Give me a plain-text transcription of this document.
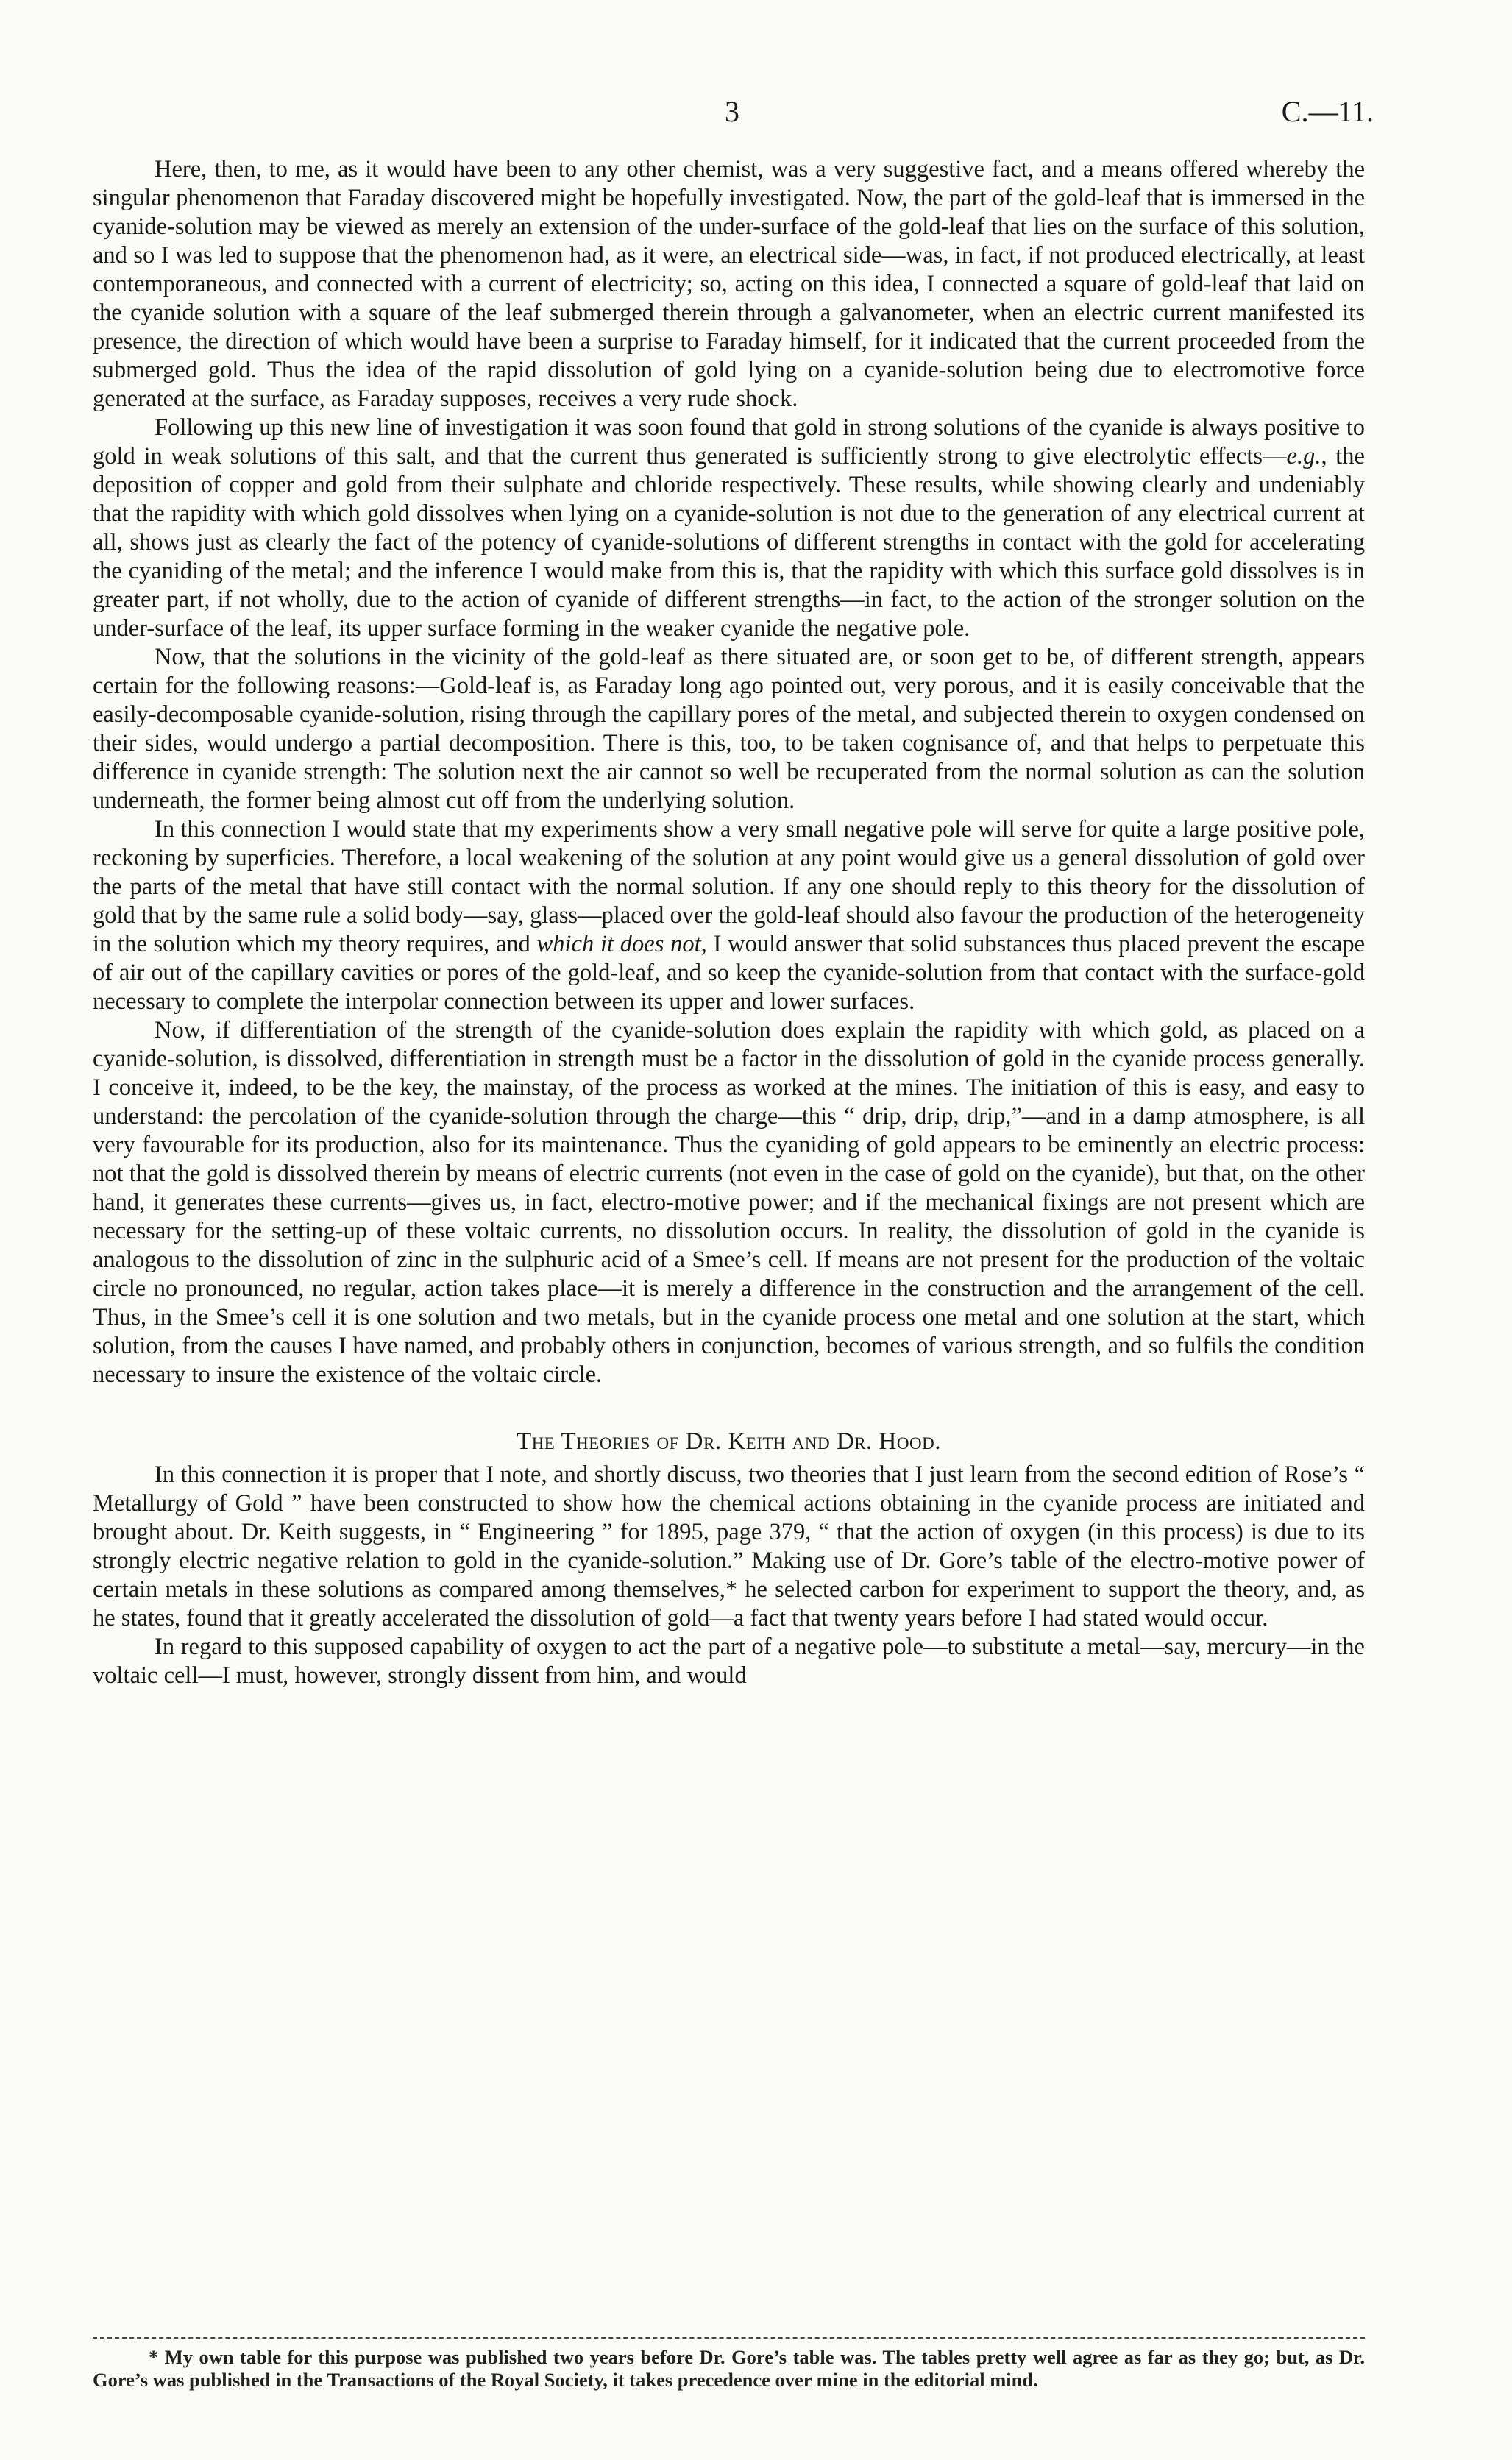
3	C.—11.

Here, then, to me, as it would have been to any other chemist, was a very suggestive fact, and a means offered whereby the singular phenomenon that Faraday discovered might be hopefully investigated. Now, the part of the gold-leaf that is immersed in the cyanide-solution may be viewed as merely an extension of the under-surface of the gold-leaf that lies on the surface of this solution, and so I was led to suppose that the phenomenon had, as it were, an electrical side—was, in fact, if not produced electrically, at least contemporaneous, and connected with a current of electricity; so, acting on this idea, I connected a square of gold-leaf that laid on the cyanide solution with a square of the leaf submerged therein through a galvanometer, when an electric current manifested its presence, the direction of which would have been a surprise to Faraday himself, for it indicated that the current proceeded from the submerged gold. Thus the idea of the rapid dissolution of gold lying on a cyanide-solution being due to electromotive force generated at the surface, as Faraday supposes, receives a very rude shock.

Following up this new line of investigation it was soon found that gold in strong solutions of the cyanide is always positive to gold in weak solutions of this salt, and that the current thus generated is sufficiently strong to give electrolytic effects—e.g., the deposition of copper and gold from their sulphate and chloride respectively. These results, while showing clearly and undeniably that the rapidity with which gold dissolves when lying on a cyanide-solution is not due to the generation of any electrical current at all, shows just as clearly the fact of the potency of cyanide-solutions of different strengths in contact with the gold for accelerating the cyaniding of the metal; and the inference I would make from this is, that the rapidity with which this surface gold dissolves is in greater part, if not wholly, due to the action of cyanide of different strengths—in fact, to the action of the stronger solution on the under-surface of the leaf, its upper surface forming in the weaker cyanide the negative pole.

Now, that the solutions in the vicinity of the gold-leaf as there situated are, or soon get to be, of different strength, appears certain for the following reasons:—Gold-leaf is, as Faraday long ago pointed out, very porous, and it is easily conceivable that the easily-decomposable cyanide-solution, rising through the capillary pores of the metal, and subjected therein to oxygen condensed on their sides, would undergo a partial decomposition. There is this, too, to be taken cognisance of, and that helps to perpetuate this difference in cyanide strength: The solution next the air cannot so well be recuperated from the normal solution as can the solution underneath, the former being almost cut off from the underlying solution.

In this connection I would state that my experiments show a very small negative pole will serve for quite a large positive pole, reckoning by superficies. Therefore, a local weakening of the solution at any point would give us a general dissolution of gold over the parts of the metal that have still contact with the normal solution. If any one should reply to this theory for the dissolution of gold that by the same rule a solid body—say, glass—placed over the gold-leaf should also favour the production of the heterogeneity in the solution which my theory requires, and which it does not, I would answer that solid substances thus placed prevent the escape of air out of the capillary cavities or pores of the gold-leaf, and so keep the cyanide-solution from that contact with the surface-gold necessary to complete the interpolar connection between its upper and lower surfaces.

Now, if differentiation of the strength of the cyanide-solution does explain the rapidity with which gold, as placed on a cyanide-solution, is dissolved, differentiation in strength must be a factor in the dissolution of gold in the cyanide process generally. I conceive it, indeed, to be the key, the mainstay, of the process as worked at the mines. The initiation of this is easy, and easy to understand: the percolation of the cyanide-solution through the charge—this “ drip, drip, drip,”—and in a damp atmosphere, is all very favourable for its production, also for its maintenance. Thus the cyaniding of gold appears to be eminently an electric process: not that the gold is dissolved therein by means of electric currents (not even in the case of gold on the cyanide), but that, on the other hand, it generates these currents—gives us, in fact, electro-motive power; and if the mechanical fixings are not present which are necessary for the setting-up of these voltaic currents, no dissolution occurs. In reality, the dissolution of gold in the cyanide is analogous to the dissolution of zinc in the sulphuric acid of a Smee’s cell. If means are not present for the production of the voltaic circle no pronounced, no regular, action takes place—it is merely a difference in the construction and the arrangement of the cell. Thus, in the Smee’s cell it is one solution and two metals, but in the cyanide process one metal and one solution at the start, which solution, from the causes I have named, and probably others in conjunction, becomes of various strength, and so fulfils the condition necessary to insure the existence of the voltaic circle.

The Theories of Dr. Keith and Dr. Hood.

In this connection it is proper that I note, and shortly discuss, two theories that I just learn from the second edition of Rose’s “ Metallurgy of Gold ” have been constructed to show how the chemical actions obtaining in the cyanide process are initiated and brought about. Dr. Keith suggests, in “ Engineering ” for 1895, page 379, “ that the action of oxygen (in this process) is due to its strongly electric negative relation to gold in the cyanide-solution.” Making use of Dr. Gore’s table of the electro-motive power of certain metals in these solutions as compared among themselves,* he selected carbon for experiment to support the theory, and, as he states, found that it greatly accelerated the dissolution of gold—a fact that twenty years before I had stated would occur.

In regard to this supposed capability of oxygen to act the part of a negative pole—to substitute a metal—say, mercury—in the voltaic cell—I must, however, strongly dissent from him, and would

* My own table for this purpose was published two years before Dr. Gore’s table was. The tables pretty well agree as far as they go; but, as Dr. Gore’s was published in the Transactions of the Royal Society, it takes precedence over mine in the editorial mind.
